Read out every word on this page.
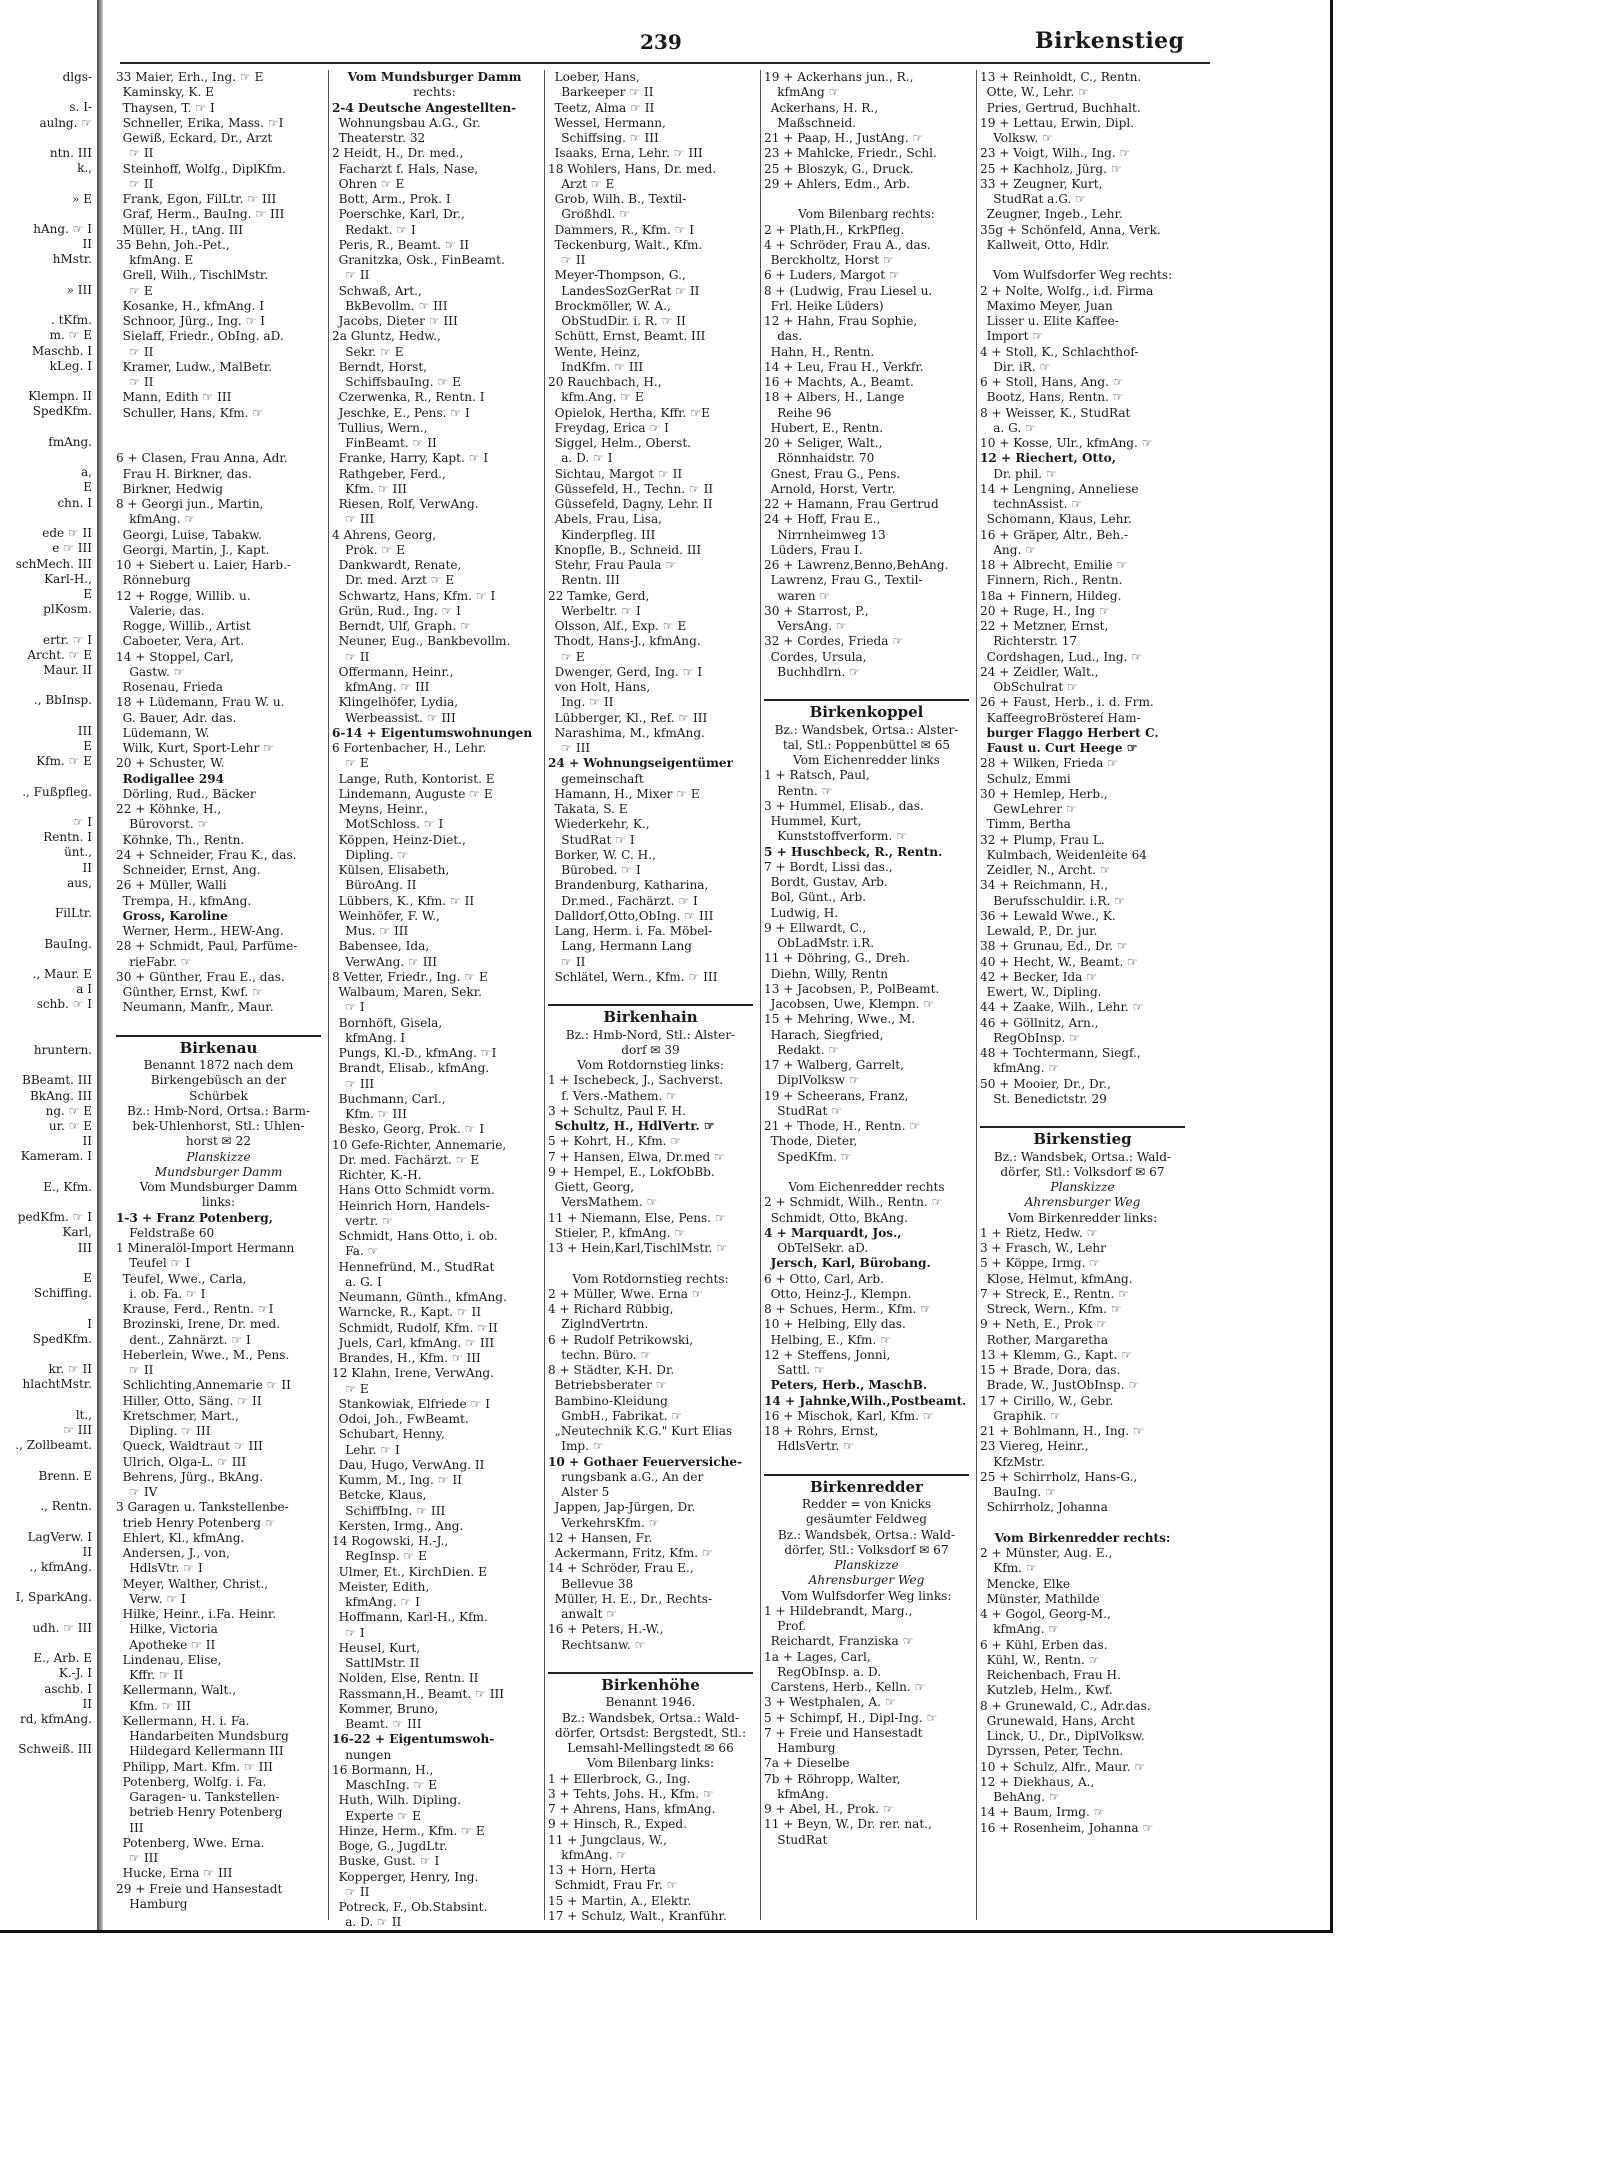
dlgs-

s. I-
aulng. ☞

ntn. III
k.,

» E

hAng. ☞ I
II
hMstr.

» III

. tKfm.
m. ☞ E
Maschb. I
kLeg. I

Klempn. II
SpedKfm.

fmAng.

a,
E
chn. I

ede ☞ II
e ☞ III
schMech. III
Karl-H.,
E
plKosm.

ertr. ☞ I
Archt. ☞ E
Maur. II

., BbInsp.

III
E
Kfm. ☞ E

., Fußpfleg.

☞ I
Rentn. I
ünt.,
II
aus,

FilLtr.

BauIng.

., Maur. E
a I
schb. ☞ I

hruntern.

BBeamt. III
BkAng. III
ng. ☞ E
ur. ☞ E
II
Kameram. I

E., Kfm.

pedKfm. ☞ I
Karl,
III

E
Schiffing.

I
SpedKfm.

kr. ☞ II
hlachtMstr.

lt.,
☞ III
., Zollbeamt.

Brenn. E

., Rentn.

LagVerw. I
II
., kfmAng.

I, SparkAng.

udh. ☞ III

E., Arb. E
K.-J. I
aschb. I
II
rd, kfmAng.

Schweiß. III
239	Birkenstieg
33 Maier, Erh., Ing. ☞ E
Kaminsky, K. E
Thaysen, T. ☞ I
Schneller, Erika, Mass. ☞I
Gewiß, Eckard, Dr., Arzt
☞ II
Steinhoff, Wolfg., DiplKfm.
☞ II
Frank, Egon, FilLtr. ☞ III
Graf, Herm., BauIng. ☞ III
Müller, H., tAng. III
35 Behn, Joh.-Pet.,
kfmAng. E
Grell, Wilh., TischlMstr.
☞ E
Kosanke, H., kfmAng. I
Schnoor, Jürg., Ing. ☞ I
Sielaff, Friedr., ObIng. aD.
☞ II
Kramer, Ludw., MalBetr.
☞ II
Mann, Edith ☞ III
Schuller, Hans, Kfm. ☞

6 + Clasen, Frau Anna, Adr.
Frau H. Birkner, das.
Birkner, Hedwig
8 + Georgi jun., Martin,
kfmAng. ☞
Georgi, Luise, Tabakw.
Georgi, Martin, J., Kapt.
10 + Siebert u. Laier, Harb.-
Rönneburg
12 + Rogge, Willib. u.
Valerie, das.
Rogge, Willib., Artist
Caboeter, Vera, Art.
14 + Stoppel, Carl,
Gastw. ☞
Rosenau, Frieda
18 + Lüdemann, Frau W. u.
G. Bauer, Adr. das.
Lüdemann, W.
Wilk, Kurt, Sport-Lehr ☞
20 + Schuster, W.
Rodigallee 294
Dörling, Rud., Bäcker
22 + Köhnke, H.,
Bürovorst. ☞
Köhnke, Th., Rentn.
24 + Schneider, Frau K., das.
Schneider, Ernst, Ang.
26 + Müller, Walli
Trempa, H., kfmAng.
Gross, Karoline
Werner, Herm., HEW-Ang.
28 + Schmidt, Paul, Parfüme-
rieFabr. ☞
30 + Günther, Frau E., das.
Günther, Ernst, Kwf. ☞
Neumann, Manfr., Maur.

Birkenau
Benannt 1872 nach dem
Birkengebüsch an der
Schürbek
Bz.: Hmb-Nord, Ortsa.: Barm-
bek-Uhlenhorst, Stl.: Uhlen-
horst ✉ 22
Planskizze
Mundsburger Damm
Vom Mundsburger Damm
links:
1-3 + Franz Potenberg,
Feldstraße 60
1 Mineralöl-Import Hermann
Teufel ☞ I
Teufel, Wwe., Carla,
i. ob. Fa. ☞ I
Krause, Ferd., Rentn. ☞I
Brozinski, Irene, Dr. med.
dent., Zahnärzt. ☞ I
Heberlein, Wwe., M., Pens.
☞ II
Schlichting,Annemarie ☞ II
Hiller, Otto, Säng. ☞ II
Kretschmer, Mart.,
Dipling. ☞ III
Queck, Waldtraut ☞ III
Ulrich, Olga-L. ☞ III
Behrens, Jürg., BkAng.
☞ IV
3 Garagen u. Tankstellenbe-
trieb Henry Potenberg ☞
Ehlert, Kl., kfmAng.
Andersen, J., von,
HdlsVtr. ☞ I
Meyer, Walther, Christ.,
Verw. ☞ I
Hilke, Heinr., i.Fa. Heinr.
Hilke, Victoria
Apotheke ☞ II
Lindenau, Elise,
Kffr. ☞ II
Kellermann, Walt.,
Kfm. ☞ III
Kellermann, H. i. Fa.
Handarbeiten Mundsburg
Hildegard Kellermann III
Philipp, Mart. Kfm. ☞ III
Potenberg, Wolfg. i. Fa.
Garagen- u. Tankstellen-
betrieb Henry Potenberg
III
Potenberg, Wwe. Erna.
☞ III
Hucke, Erna ☞ III
29 + Freie und Hansestadt
Hamburg
Vom Mundsburger Damm
rechts:
2-4 Deutsche Angestellten-
Wohnungsbau A.G., Gr.
Theaterstr. 32
2 Heidt, H., Dr. med.,
Facharzt f. Hals, Nase,
Ohren ☞ E
Bott, Arm., Prok. I
Poerschke, Karl, Dr.,
Redakt. ☞ I
Peris, R., Beamt. ☞ II
Granitzka, Osk., FinBeamt.
☞ II
Schwaß, Art.,
BkBevollm. ☞ III
Jacobs, Dieter ☞ III
2a Gluntz, Hedw.,
Sekr. ☞ E
Berndt, Horst,
SchiffsbauIng. ☞ E
Czerwenka, R., Rentn. I
Jeschke, E., Pens. ☞ I
Tullius, Wern.,
FinBeamt. ☞ II
Franke, Harry, Kapt. ☞ I
Rathgeber, Ferd.,
Kfm. ☞ III
Riesen, Rolf, VerwAng.
☞ III
4 Ahrens, Georg,
Prok. ☞ E
Dankwardt, Renate,
Dr. med. Arzt ☞ E
Schwartz, Hans, Kfm. ☞ I
Grün, Rud., Ing. ☞ I
Berndt, Ulf, Graph. ☞
Neuner, Eug., Bankbevollm.
☞ II
Offermann, Heinr.,
kfmAng. ☞ III
Klingelhöfer, Lydia,
Werbeassist. ☞ III
6-14 + Eigentumswohnungen
6 Fortenbacher, H., Lehr.
☞ E
Lange, Ruth, Kontorist. E
Lindemann, Auguste ☞ E
Meyns, Heinr.,
MotSchloss. ☞ I
Köppen, Heinz-Diet.,
Dipling. ☞
Külsen, Elisabeth,
BüroAng. II
Lübbers, K., Kfm. ☞ II
Weinhöfer, F. W.,
Mus. ☞ III
Babensee, Ida,
VerwAng. ☞ III
8 Vetter, Friedr., Ing. ☞ E
Walbaum, Maren, Sekr.
☞ I
Bornhöft, Gisela,
kfmAng. I
Pungs, Kl.-D., kfmAng. ☞I
Brandt, Elisab., kfmAng.
☞ III
Buchmann, Carl.,
Kfm. ☞ III
Besko, Georg, Prok. ☞ I
10 Gefe-Richter, Annemarie,
Dr. med. Fachärzt. ☞ E
Richter, K.-H.
Hans Otto Schmidt vorm.
Heinrich Horn, Handels-
vertr. ☞
Schmidt, Hans Otto, i. ob.
Fa. ☞
Hennefründ, M., StudRat
a. G. I
Neumann, Günth., kfmAng.
Warncke, R., Kapt. ☞ II
Schmidt, Rudolf, Kfm. ☞II
Juels, Carl, kfmAng. ☞ III
Brandes, H., Kfm. ☞ III
12 Klahn, Irene, VerwAng.
☞ E
Stankowiak, Elfriede ☞ I
Odoi, Joh., FwBeamt.
Schubart, Henny,
Lehr. ☞ I
Dau, Hugo, VerwAng. II
Kumm, M., Ing. ☞ II
Betcke, Klaus,
SchiffbIng. ☞ III
Kersten, Irmg., Ang.
14 Rogowski, H.-J.,
RegInsp. ☞ E
Ulmer, Et., KirchDien. E
Meister, Edith,
kfmAng. ☞ I
Hoffmann, Karl-H., Kfm.
☞ I
Heusel, Kurt,
SattlMstr. II
Nolden, Else, Rentn. II
Rassmann,H., Beamt. ☞ III
Kommer, Bruno,
Beamt. ☞ III
16-22 + Eigentumswoh-
nungen
16 Bormann, H.,
MaschIng. ☞ E
Huth, Wilh. Dipling.
Experte ☞ E
Hinze, Herm., Kfm. ☞ E
Boge, G., JugdLtr.
Buske, Gust. ☞ I
Kopperger, Henry, Ing.
☞ II
Potreck, F., Ob.Stabsint.
a. D. ☞ II
Loeber, Hans,
Barkeeper ☞ II
Teetz, Alma ☞ II
Wessel, Hermann,
Schiffsing. ☞ III
Isaaks, Erna, Lehr. ☞ III
18 Wohlers, Hans, Dr. med.
Arzt ☞ E
Grob, Wilh. B., Textil-
Großhdl. ☞
Dammers, R., Kfm. ☞ I
Teckenburg, Walt., Kfm.
☞ II
Meyer-Thompson, G.,
LandesSozGerRat ☞ II
Brockmöller, W. A.,
ObStudDir. i. R. ☞ II
Schütt, Ernst, Beamt. III
Wente, Heinz,
IndKfm. ☞ III
20 Rauchbach, H.,
kfm.Ang. ☞ E
Opielok, Hertha, Kffr. ☞E
Freydag, Erica ☞ I
Siggel, Helm., Oberst.
a. D. ☞ I
Sichtau, Margot ☞ II
Güssefeld, H., Techn. ☞ II
Güssefeld, Dagny, Lehr. II
Abels, Frau, Lisa,
Kinderpfleg. III
Knopfle, B., Schneid. III
Stehr, Frau Paula ☞
Rentn. III
22 Tamke, Gerd,
Werbeltr. ☞ I
Olsson, Alf., Exp. ☞ E
Thodt, Hans-J., kfmAng.
☞ E
Dwenger, Gerd, Ing. ☞ I
von Holt, Hans,
Ing. ☞ II
Lübberger, Kl., Ref. ☞ III
Narashima, M., kfmAng.
☞ III
24 + Wohnungseigentümer
gemeinschaft
Hamann, H., Mixer ☞ E
Takata, S. E
Wiederkehr, K.,
StudRat ☞ I
Borker, W. C. H.,
Bürobed. ☞ I
Brandenburg, Katharina,
Dr.med., Fachärzt. ☞ I
Dalldorf,Otto,ObIng. ☞ III
Lang, Herm. i. Fa. Möbel-
Lang, Hermann Lang
☞ II
Schlätel, Wern., Kfm. ☞ III

Birkenhain
Bz.: Hmb-Nord, Stl.: Alster-
dorf ✉ 39
Vom Rotdornstieg links:
1 + Ischebeck, J., Sachverst.
f. Vers.-Mathem. ☞
3 + Schultz, Paul F. H.
Schultz, H., HdlVertr. ☞
5 + Kohrt, H., Kfm. ☞
7 + Hansen, Elwa, Dr.med ☞
9 + Hempel, E., LokfObBb.
Giett, Georg,
VersMathem. ☞
11 + Niemann, Else, Pens. ☞
Stieler, P., kfmAng. ☞
13 + Hein,Karl,TischlMstr. ☞

Vom Rotdornstieg rechts:
2 + Müller, Wwe. Erna ☞
4 + Richard Rübbig,
ZiglndVertrtn.
6 + Rudolf Petrikowski,
techn. Büro. ☞
8 + Städter, K-H. Dr.
Betriebsberater ☞
Bambino-Kleidung
GmbH., Fabrikat. ☞
„Neutechnik K.G." Kurt Elias
Imp. ☞
10 + Gothaer Feuerversiche-
rungsbank a.G., An der
Alster 5
Jappen, Jap-Jürgen, Dr.
VerkehrsKfm. ☞
12 + Hansen, Fr.
Ackermann, Fritz, Kfm. ☞
14 + Schröder, Frau E.,
Bellevue 38
Müller, H. E., Dr., Rechts-
anwalt ☞
16 + Peters, H.-W.,
Rechtsanw. ☞

Birkenhöhe
Benannt 1946.
Bz.: Wandsbek, Ortsa.: Wald-
dörfer, Ortsdst: Bergstedt, Stl.:
Lemsahl-Mellingstedt ✉ 66
Vom Bilenbarg links:
1 + Ellerbrock, G., Ing.
3 + Tehts, Johs. H., Kfm. ☞
7 + Ahrens, Hans, kfmAng.
9 + Hinsch, R., Exped.
11 + Jungclaus, W.,
kfmAng. ☞
13 + Horn, Herta
Schmidt, Frau Fr. ☞
15 + Martin, A., Elektr.
17 + Schulz, Walt., Kranführ.
19 + Ackerhans jun., R.,
kfmAng ☞
Ackerhans, H. R.,
Maßschneid.
21 + Paap, H., JustAng. ☞
23 + Mahlcke, Friedr., Schl.
25 + Bloszyk, G., Druck.
29 + Ahlers, Edm., Arb.

Vom Bilenbarg rechts:
2 + Plath,H., KrkPfleg.
4 + Schröder, Frau A., das.
Berckholtz, Horst ☞
6 + Luders, Margot ☞
8 + (Ludwig, Frau Liesel u.
Frl. Heike Lüders)
12 + Hahn, Frau Sophie,
das.
Hahn, H., Rentn.
14 + Leu, Frau H., Verkfr.
16 + Machts, A., Beamt.
18 + Albers, H., Lange
Reihe 96
Hubert, E., Rentn.
20 + Seliger, Walt.,
Rönnhaidstr. 70
Gnest, Frau G., Pens.
Arnold, Horst, Vertr.
22 + Hamann, Frau Gertrud
24 + Hoff, Frau E.,
Nirrnheimweg 13
Lüders, Frau I.
26 + Lawrenz,Benno,BehAng.
Lawrenz, Frau G., Textil-
waren ☞
30 + Starrost, P.,
VersAng. ☞
32 + Cordes, Frieda ☞
Cordes, Ursula,
Buchhdlrn. ☞

Birkenkoppel
Bz.: Wandsbek, Ortsa.: Alster-
tal, Stl.: Poppenbüttel ✉ 65
Vom Eichenredder links
1 + Ratsch, Paul,
Rentn. ☞
3 + Hummel, Elisab., das.
Hummel, Kurt,
Kunststoffverform. ☞
5 + Huschbeck, R., Rentn.
7 + Bordt, Lissi das.,
Bordt, Gustav, Arb.
Bol, Günt., Arb.
Ludwig, H.
9 + Ellwardt, C.,
ObLadMstr. i.R.
11 + Döhring, G., Dreh.
Diehn, Willy, Rentn
13 + Jacobsen, P., PolBeamt.
Jacobsen, Uwe, Klempn. ☞
15 + Mehring, Wwe., M.
Harach, Siegfried,
Redakt. ☞
17 + Walberg, Garrelt,
DiplVolksw ☞
19 + Scheerans, Franz,
StudRat ☞
21 + Thode, H., Rentn. ☞
Thode, Dieter,
SpedKfm. ☞

Vom Eichenredder rechts
2 + Schmidt, Wilh., Rentn. ☞
Schmidt, Otto, BkAng.
4 + Marquardt, Jos.,
ObTelSekr. aD.
Jersch, Karl, Bürobang.
6 + Otto, Carl, Arb.
Otto, Heinz-J., Klempn.
8 + Schues, Herm., Kfm. ☞
10 + Helbing, Elly das.
Helbing, E., Kfm. ☞
12 + Steffens, Jonni,
Sattl. ☞
Peters, Herb., MaschB.
14 + Jahnke,Wilh.,Postbeamt.
16 + Mischok, Karl, Kfm. ☞
18 + Rohrs, Ernst,
HdlsVertr. ☞

Birkenredder
Redder = von Knicks
gesäumter Feldweg
Bz.: Wandsbek, Ortsa.: Wald-
dörfer, Stl.: Volksdorf ✉ 67
Planskizze
Ahrensburger Weg
Vom Wulfsdorfer Weg links:
1 + Hildebrandt, Marg.,
Prof.
Reichardt, Franziska ☞
1a + Lages, Carl,
RegObInsp. a. D.
Carstens, Herb., Kelln. ☞
3 + Westphalen, A. ☞
5 + Schimpf, H., Dipl-Ing. ☞
7 + Freie und Hansestadt
Hamburg
7a + Dieselbe
7b + Röhropp, Walter,
kfmAng.
9 + Abel, H., Prok. ☞
11 + Beyn, W., Dr. rer. nat.,
StudRat
13 + Reinholdt, C., Rentn.
Otte, W., Lehr. ☞
Pries, Gertrud, Buchhalt.
19 + Lettau, Erwin, Dipl.
Volksw. ☞
23 + Voigt, Wilh., Ing. ☞
25 + Kachholz, Jürg. ☞
33 + Zeugner, Kurt,
StudRat a.G. ☞
Zeugner, Ingeb., Lehr.
35g + Schönfeld, Anna, Verk.
Kallweit, Otto, Hdlr.

Vom Wulfsdorfer Weg rechts:
2 + Nolte, Wolfg., i.d. Firma
Maximo Meyer, Juan
Lisser u. Elite Kaffee-
Import ☞
4 + Stoll, K., Schlachthof-
Dir. iR. ☞
6 + Stoll, Hans, Ang. ☞
Bootz, Hans, Rentn. ☞
8 + Weisser, K., StudRat
a. G. ☞
10 + Kosse, Ulr., kfmAng. ☞
12 + Riechert, Otto,
Dr. phil. ☞
14 + Lengning, Anneliese
technAssist. ☞
Schomann, Klaus, Lehr.
16 + Gräper, Altr., Beh.-
Ang. ☞
18 + Albrecht, Emilie ☞
Finnern, Rich., Rentn.
18a + Finnern, Hildeg.
20 + Ruge, H., Ing ☞
22 + Metzner, Ernst,
Richterstr. 17
Cordshagen, Lud., Ing. ☞
24 + Zeidler, Walt.,
ObSchulrat ☞
26 + Faust, Herb., i. d. Frm.
KaffeegroBröstereí Ham-
burger Flaggo Herbert C.
Faust u. Curt Heege ☞
28 + Wilken, Frieda ☞
Schulz, Emmi
30 + Hemlep, Herb.,
GewLehrer ☞
Timm, Bertha
32 + Plump, Frau L.
Kulmbach, Weidenleite 64
Zeidler, N., Archt. ☞
34 + Reichmann, H.,
Berufsschuldir. i.R. ☞
36 + Lewald Wwe., K.
Lewald, P., Dr. jur.
38 + Grunau, Ed., Dr. ☞
40 + Hecht, W., Beamt. ☞
42 + Becker, Ida ☞
Ewert, W., Dipling.
44 + Zaake, Wilh., Lehr. ☞
46 + Göllnitz, Arn.,
RegObInsp. ☞
48 + Tochtermann, Siegf.,
kfmAng. ☞
50 + Mooier, Dr., Dr.,
St. Benedictstr. 29

Birkenstieg
Bz.: Wandsbek, Ortsa.: Wald-
dörfer, Stl.: Volksdorf ✉ 67
Planskizze
Ahrensburger Weg
Vom Birkenredder links:
1 + Rietz, Hedw. ☞
3 + Frasch, W., Lehr
5 + Köppe, Irmg. ☞
Klose, Helmut, kfmAng.
7 + Streck, E., Rentn. ☞
Streck, Wern., Kfm. ☞
9 + Neth, E., Prok ☞
Rother, Margaretha
13 + Klemm, G., Kapt. ☞
15 + Brade, Dora, das.
Brade, W., JustObInsp. ☞
17 + Cirillo, W., Gebr.
Graphik. ☞
21 + Bohlmann, H., Ing. ☞
23 Viereg, Heinr.,
KfzMstr.
25 + Schirrholz, Hans-G.,
BauIng. ☞
Schirrholz, Johanna

Vom Birkenredder rechts:
2 + Münster, Aug. E.,
Kfm. ☞
Mencke, Elke
Münster, Mathilde
4 + Gogol, Georg-M.,
kfmAng. ☞
6 + Kühl, Erben das.
Kühl, W., Rentn. ☞
Reichenbach, Frau H.
Kutzleb, Helm., Kwf.
8 + Grunewald, C., Adr.das.
Grunewald, Hans, Archt
Linck, U., Dr., DiplVolksw.
Dyrssen, Peter, Techn.
10 + Schulz, Alfr., Maur. ☞
12 + Diekhaus, A.,
BehAng. ☞
14 + Baum, Irmg. ☞
16 + Rosenheim, Johanna ☞
